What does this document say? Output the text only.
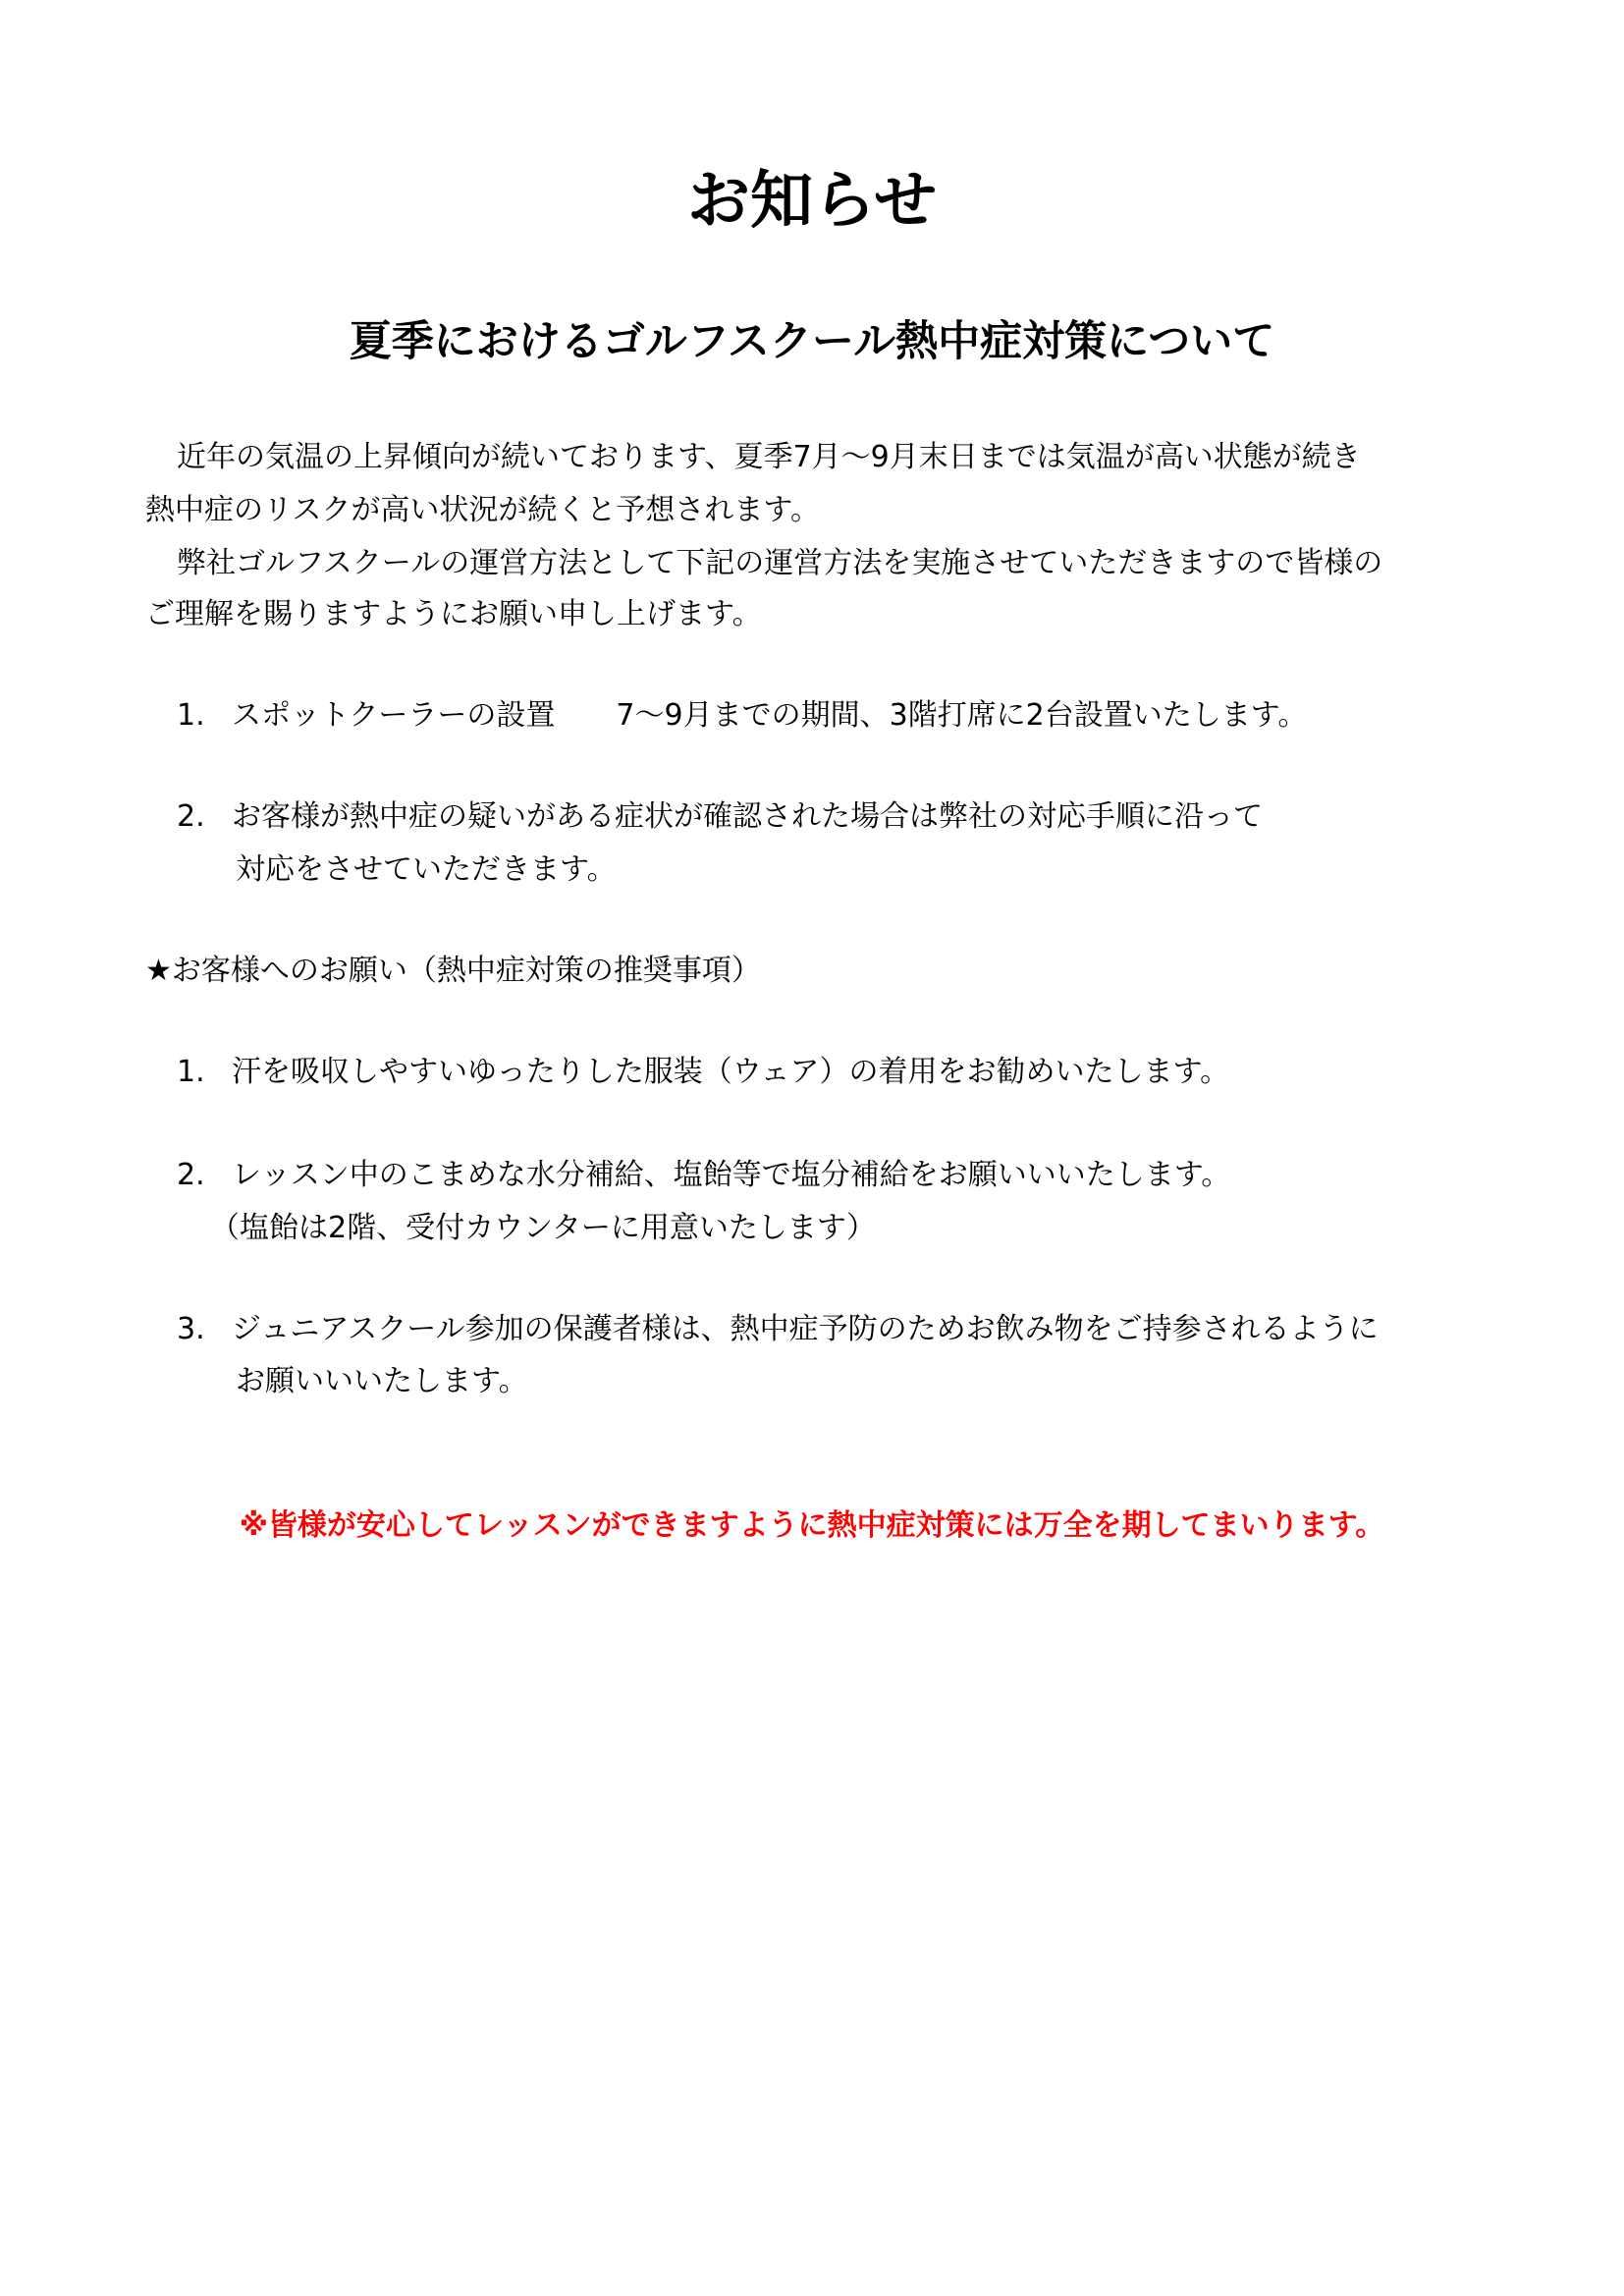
お知らせ
夏季におけるゴルフスクール熱中症対策について

近年の気温の上昇傾向が続いております、夏季7月〜9月末日までは気温が高い状態が続き

熱中症のリスクが高い状況が続くと予想されます。

弊社ゴルフスクールの運営方法として下記の運営方法を実施させていただきますので皆様の

ご理解を賜りますようにお願い申し上げます。

1. スポットクーラーの設置 7〜9月までの期間、3階打席に2台設置いたします。

2. お客様が熱中症の疑いがある症状が確認された場合は弊社の対応手順に沿って

対応をさせていただきます。

★お客様へのお願い（熱中症対策の推奨事項）

1. 汗を吸収しやすいゆったりした服装（ウェア）の着用をお勧めいたします。

2. レッスン中のこまめな水分補給、塩飴等で塩分補給をお願いいいたします。

（塩飴は2階、受付カウンターに用意いたします）

3. ジュニアスクール参加の保護者様は、熱中症予防のためお飲み物をご持参されるように

お願いいいたします。

※皆様が安心してレッスンができますように熱中症対策には万全を期してまいります。
